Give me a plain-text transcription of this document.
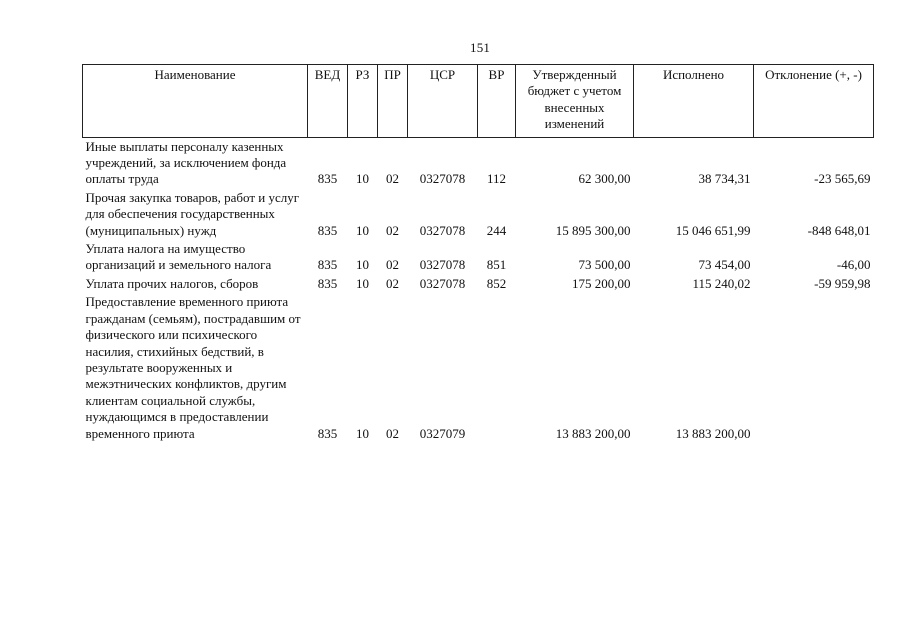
151
Наименование	ВЕД	РЗ	ПР	ЦСР	ВР	Утвержденный бюджет с учетом внесенных изменений	Исполнено	Отклонение (+, -)
Иные выплаты персоналу казенных учреждений, за исключением фонда оплаты труда	835	10	02	0327078	112	62 300,00	38 734,31	-23 565,69
Прочая закупка товаров, работ и услуг для обеспечения государственных (муниципальных) нужд	835	10	02	0327078	244	15 895 300,00	15 046 651,99	-848 648,01
Уплата налога на имущество организаций и земельного налога	835	10	02	0327078	851	73 500,00	73 454,00	-46,00
Уплата прочих налогов, сборов	835	10	02	0327078	852	175 200,00	115 240,02	-59 959,98
Предоставление временного приюта гражданам (семьям), пострадавшим от физического или психического насилия, стихийных бедствий, в результате вооруженных и межэтнических конфликтов, другим клиентам социальной службы, нуждающимся в предоставлении временного приюта	835	10	02	0327079		13 883 200,00	13 883 200,00	
